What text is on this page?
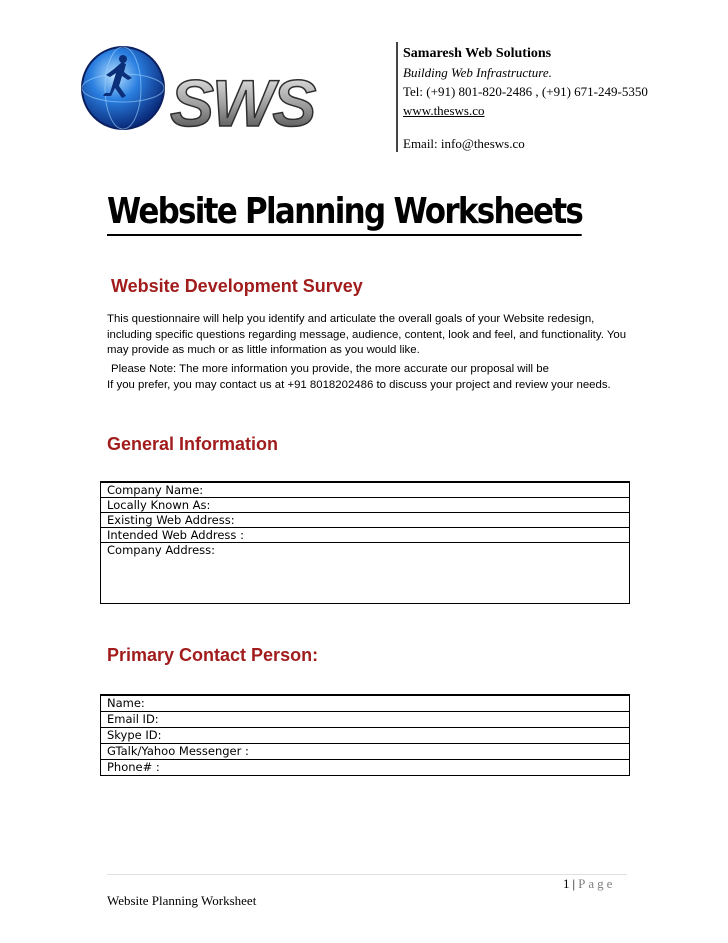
SWS
Samaresh Web Solutions
Building Web Infrastructure.
Tel: (+91) 801-820-2486 , (+91) 671-249-5350
www.thesws.co
Email: info@thesws.co
Website Planning Worksheets
Website Development Survey

This questionnaire will help you identify and articulate the overall goals of your Website redesign, including specific questions regarding message, audience, content, look and feel, and functionality. You may provide as much or as little information as you would like.

Please Note: The more information you provide, the more accurate our proposal will be

If you prefer, you may contact us at +91 8018202486 to discuss your project and review your needs.

General Information
Company Name:
Locally Known As:
Existing Web Address:
Intended Web Address :
Company Address:
Primary Contact Person:
Name:
Email ID:
Skype ID:
GTalk/Yahoo Messenger :
Phone# :
1 | Page
Website Planning Worksheet
